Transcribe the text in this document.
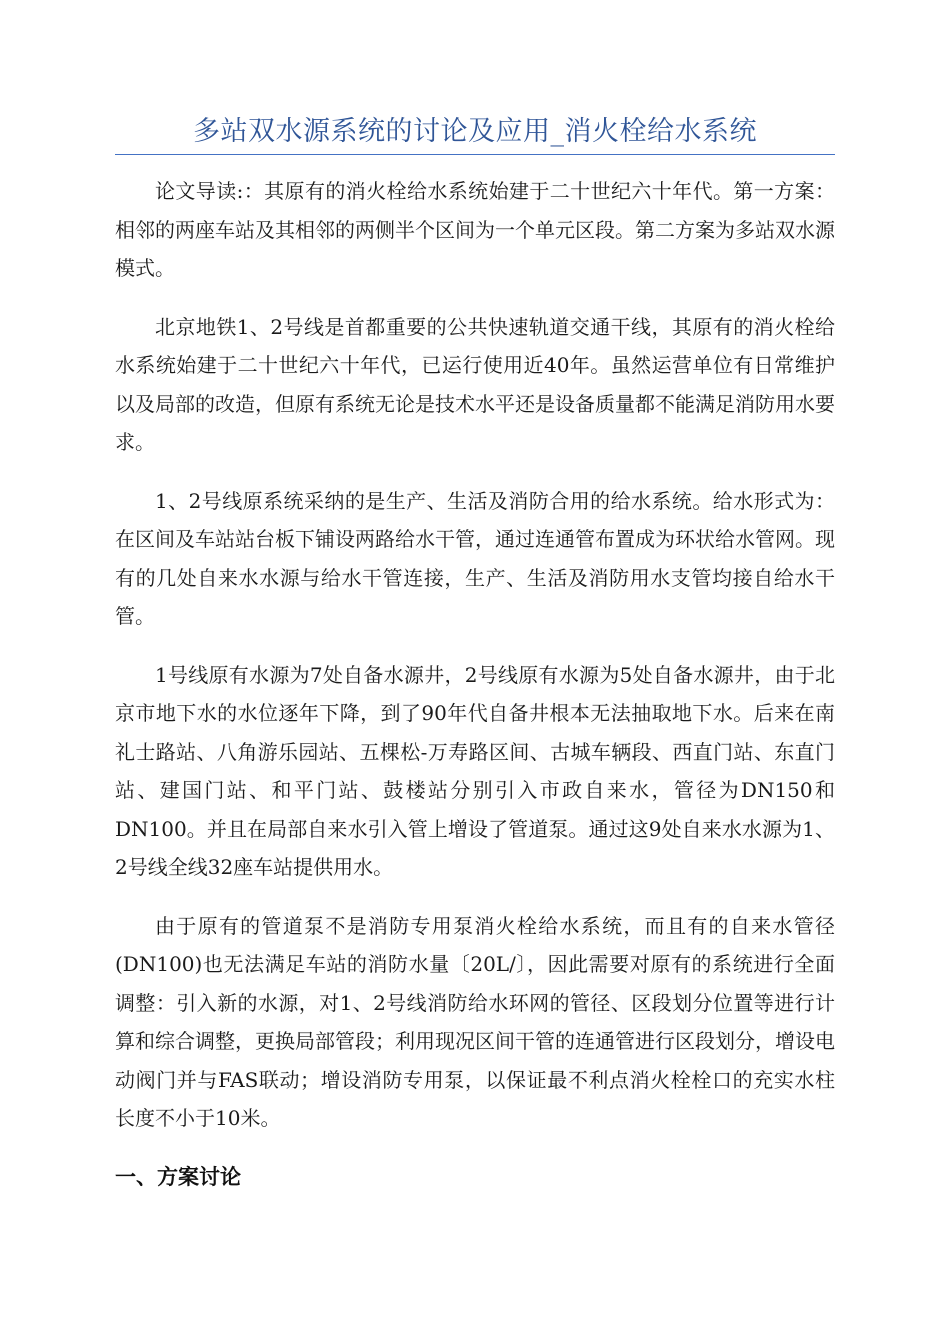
多站双水源系统的讨论及应用_消火栓给水系统

论文导读:：其原有的消火栓给水系统始建于二十世纪六十年代。第一方案：相邻的两座车站及其相邻的两侧半个区间为一个单元区段。第二方案为多站双水源模式。

北京地铁1、2号线是首都重要的公共快速轨道交通干线，其原有的消火栓给水系统始建于二十世纪六十年代，已运行使用近40年。虽然运营单位有日常维护以及局部的改造，但原有系统无论是技术水平还是设备质量都不能满足消防用水要求。

1、2号线原系统采纳的是生产、生活及消防合用的给水系统。给水形式为：在区间及车站站台板下铺设两路给水干管，通过连通管布置成为环状给水管网。现有的几处自来水水源与给水干管连接，生产、生活及消防用水支管均接自给水干管。

1号线原有水源为7处自备水源井，2号线原有水源为5处自备水源井，由于北京市地下水的水位逐年下降，到了90年代自备井根本无法抽取地下水。后来在南礼士路站、八角游乐园站、五棵松-万寿路区间、古城车辆段、西直门站、东直门站、建国门站、和平门站、鼓楼站分别引入市政自来水，管径为DN150和DN100。并且在局部自来水引入管上增设了管道泵。通过这9处自来水水源为1、2号线全线32座车站提供用水。

由于原有的管道泵不是消防专用泵消火栓给水系统，而且有的自来水管径(DN100)也无法满足车站的消防水量〔20L/〕，因此需要对原有的系统进行全面调整：引入新的水源，对1、2号线消防给水环网的管径、区段划分位置等进行计算和综合调整，更换局部管段；利用现况区间干管的连通管进行区段划分，增设电动阀门并与FAS联动；增设消防专用泵，以保证最不利点消火栓栓口的充实水柱长度不小于10米。

一、方案讨论
